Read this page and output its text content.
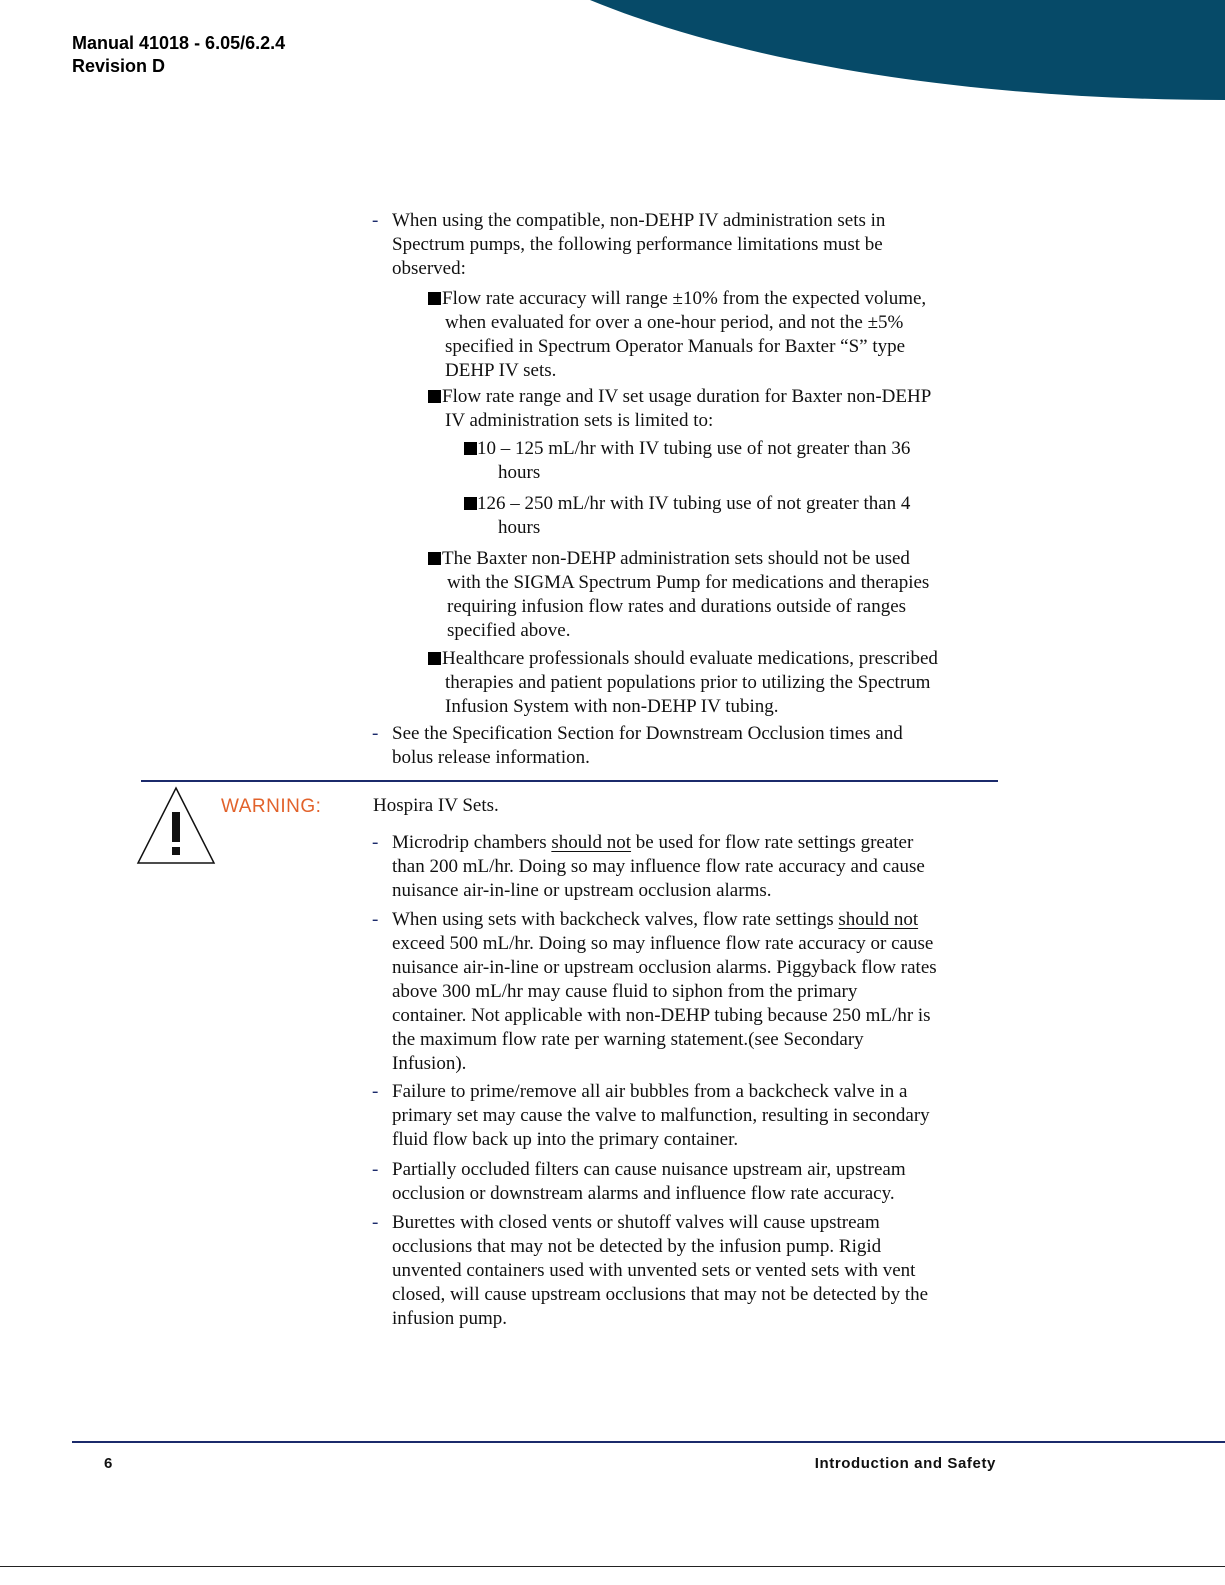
Manual 41018 - 6.05/6.2.4
Revision D
- When using the compatible, non-DEHP IV administration sets in
Spectrum pumps, the following performance limitations must be
observed:
Flow rate accuracy will range ±10% from the expected volume,
when evaluated for over a one-hour period, and not the ±5%
specified in Spectrum Operator Manuals for Baxter “S” type
DEHP IV sets.
Flow rate range and IV set usage duration for Baxter non-DEHP
IV administration sets is limited to:
10 – 125 mL/hr with IV tubing use of not greater than 36
hours
126 – 250 mL/hr with IV tubing use of not greater than 4
hours
The Baxter non-DEHP administration sets should not be used
with the SIGMA Spectrum Pump for medications and therapies
requiring infusion flow rates and durations outside of ranges
specified above.
Healthcare professionals should evaluate medications, prescribed
therapies and patient populations prior to utilizing the Spectrum
Infusion System with non-DEHP IV tubing.
- See the Specification Section for Downstream Occlusion times and
bolus release information.
WARNING:	Hospira IV Sets.
- Microdrip chambers should not be used for flow rate settings greater
than 200 mL/hr. Doing so may influence flow rate accuracy and cause
nuisance air-in-line or upstream occlusion alarms.
- When using sets with backcheck valves, flow rate settings should not
exceed 500 mL/hr. Doing so may influence flow rate accuracy or cause
nuisance air-in-line or upstream occlusion alarms. Piggyback flow rates
above 300 mL/hr may cause fluid to siphon from the primary
container. Not applicable with non-DEHP tubing because 250 mL/hr is
the maximum flow rate per warning statement.(see Secondary
Infusion).
- Failure to prime/remove all air bubbles from a backcheck valve in a
primary set may cause the valve to malfunction, resulting in secondary
fluid flow back up into the primary container.
- Partially occluded filters can cause nuisance upstream air, upstream
occlusion or downstream alarms and influence flow rate accuracy.
- Burettes with closed vents or shutoff valves will cause upstream
occlusions that may not be detected by the infusion pump. Rigid
unvented containers used with unvented sets or vented sets with vent
closed, will cause upstream occlusions that may not be detected by the
infusion pump.
6	Introduction and Safety
